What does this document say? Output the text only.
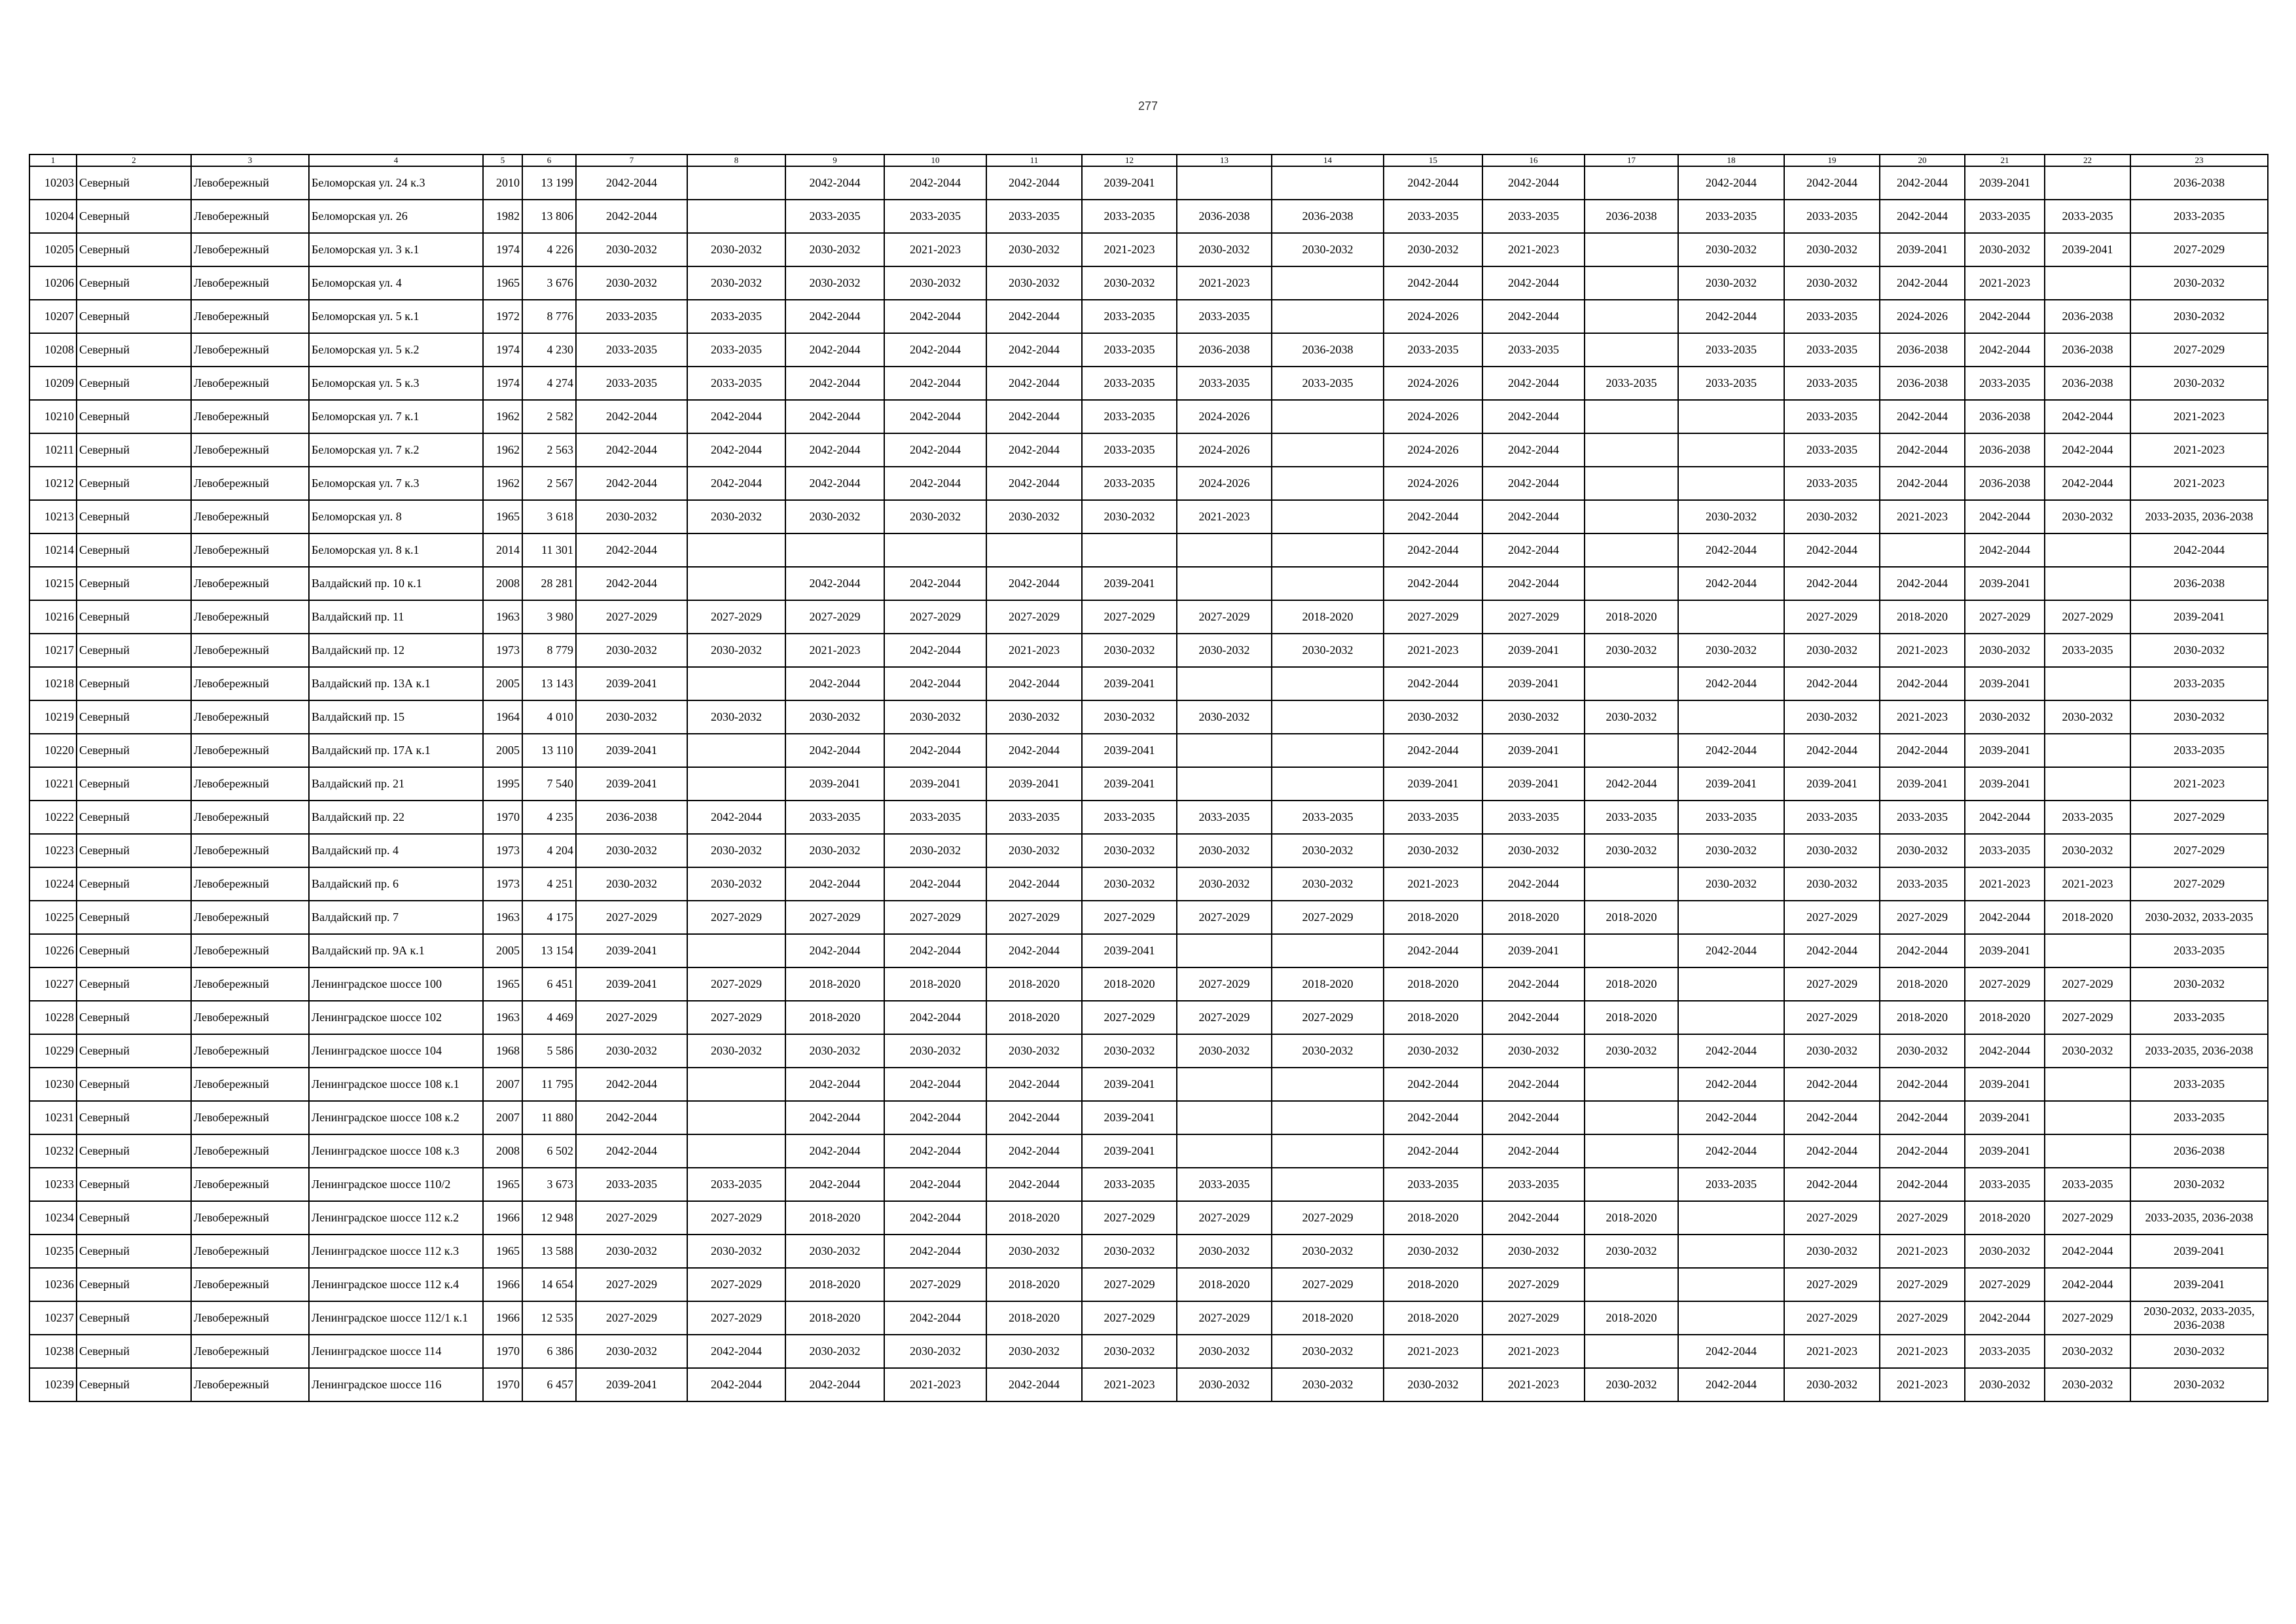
277
1	2	3	4	5	6	7	8	9	10	11	12	13	14	15	16	17	18	19	20	21	22	23
10203	Северный	Левобережный	Беломорская ул. 24 к.3	2010	13 199	2042-2044		2042-2044	2042-2044	2042-2044	2039-2041			2042-2044	2042-2044		2042-2044	2042-2044	2042-2044	2039-2041		2036-2038
10204	Северный	Левобережный	Беломорская ул. 26	1982	13 806	2042-2044		2033-2035	2033-2035	2033-2035	2033-2035	2036-2038	2036-2038	2033-2035	2033-2035	2036-2038	2033-2035	2033-2035	2042-2044	2033-2035	2033-2035	2033-2035
10205	Северный	Левобережный	Беломорская ул. 3 к.1	1974	4 226	2030-2032	2030-2032	2030-2032	2021-2023	2030-2032	2021-2023	2030-2032	2030-2032	2030-2032	2021-2023		2030-2032	2030-2032	2039-2041	2030-2032	2039-2041	2027-2029
10206	Северный	Левобережный	Беломорская ул. 4	1965	3 676	2030-2032	2030-2032	2030-2032	2030-2032	2030-2032	2030-2032	2021-2023		2042-2044	2042-2044		2030-2032	2030-2032	2042-2044	2021-2023		2030-2032
10207	Северный	Левобережный	Беломорская ул. 5 к.1	1972	8 776	2033-2035	2033-2035	2042-2044	2042-2044	2042-2044	2033-2035	2033-2035		2024-2026	2042-2044		2042-2044	2033-2035	2024-2026	2042-2044	2036-2038	2030-2032
10208	Северный	Левобережный	Беломорская ул. 5 к.2	1974	4 230	2033-2035	2033-2035	2042-2044	2042-2044	2042-2044	2033-2035	2036-2038	2036-2038	2033-2035	2033-2035		2033-2035	2033-2035	2036-2038	2042-2044	2036-2038	2027-2029
10209	Северный	Левобережный	Беломорская ул. 5 к.3	1974	4 274	2033-2035	2033-2035	2042-2044	2042-2044	2042-2044	2033-2035	2033-2035	2033-2035	2024-2026	2042-2044	2033-2035	2033-2035	2033-2035	2036-2038	2033-2035	2036-2038	2030-2032
10210	Северный	Левобережный	Беломорская ул. 7 к.1	1962	2 582	2042-2044	2042-2044	2042-2044	2042-2044	2042-2044	2033-2035	2024-2026		2024-2026	2042-2044			2033-2035	2042-2044	2036-2038	2042-2044	2021-2023
10211	Северный	Левобережный	Беломорская ул. 7 к.2	1962	2 563	2042-2044	2042-2044	2042-2044	2042-2044	2042-2044	2033-2035	2024-2026		2024-2026	2042-2044			2033-2035	2042-2044	2036-2038	2042-2044	2021-2023
10212	Северный	Левобережный	Беломорская ул. 7 к.3	1962	2 567	2042-2044	2042-2044	2042-2044	2042-2044	2042-2044	2033-2035	2024-2026		2024-2026	2042-2044			2033-2035	2042-2044	2036-2038	2042-2044	2021-2023
10213	Северный	Левобережный	Беломорская ул. 8	1965	3 618	2030-2032	2030-2032	2030-2032	2030-2032	2030-2032	2030-2032	2021-2023		2042-2044	2042-2044		2030-2032	2030-2032	2021-2023	2042-2044	2030-2032	2033-2035, 2036-2038
10214	Северный	Левобережный	Беломорская ул. 8 к.1	2014	11 301	2042-2044								2042-2044	2042-2044		2042-2044	2042-2044		2042-2044		2042-2044
10215	Северный	Левобережный	Валдайский пр. 10 к.1	2008	28 281	2042-2044		2042-2044	2042-2044	2042-2044	2039-2041			2042-2044	2042-2044		2042-2044	2042-2044	2042-2044	2039-2041		2036-2038
10216	Северный	Левобережный	Валдайский пр. 11	1963	3 980	2027-2029	2027-2029	2027-2029	2027-2029	2027-2029	2027-2029	2027-2029	2018-2020	2027-2029	2027-2029	2018-2020		2027-2029	2018-2020	2027-2029	2027-2029	2039-2041
10217	Северный	Левобережный	Валдайский пр. 12	1973	8 779	2030-2032	2030-2032	2021-2023	2042-2044	2021-2023	2030-2032	2030-2032	2030-2032	2021-2023	2039-2041	2030-2032	2030-2032	2030-2032	2021-2023	2030-2032	2033-2035	2030-2032
10218	Северный	Левобережный	Валдайский пр. 13А к.1	2005	13 143	2039-2041		2042-2044	2042-2044	2042-2044	2039-2041			2042-2044	2039-2041		2042-2044	2042-2044	2042-2044	2039-2041		2033-2035
10219	Северный	Левобережный	Валдайский пр. 15	1964	4 010	2030-2032	2030-2032	2030-2032	2030-2032	2030-2032	2030-2032	2030-2032		2030-2032	2030-2032	2030-2032		2030-2032	2021-2023	2030-2032	2030-2032	2030-2032
10220	Северный	Левобережный	Валдайский пр. 17А к.1	2005	13 110	2039-2041		2042-2044	2042-2044	2042-2044	2039-2041			2042-2044	2039-2041		2042-2044	2042-2044	2042-2044	2039-2041		2033-2035
10221	Северный	Левобережный	Валдайский пр. 21	1995	7 540	2039-2041		2039-2041	2039-2041	2039-2041	2039-2041			2039-2041	2039-2041	2042-2044	2039-2041	2039-2041	2039-2041	2039-2041		2021-2023
10222	Северный	Левобережный	Валдайский пр. 22	1970	4 235	2036-2038	2042-2044	2033-2035	2033-2035	2033-2035	2033-2035	2033-2035	2033-2035	2033-2035	2033-2035	2033-2035	2033-2035	2033-2035	2033-2035	2042-2044	2033-2035	2027-2029
10223	Северный	Левобережный	Валдайский пр. 4	1973	4 204	2030-2032	2030-2032	2030-2032	2030-2032	2030-2032	2030-2032	2030-2032	2030-2032	2030-2032	2030-2032	2030-2032	2030-2032	2030-2032	2030-2032	2033-2035	2030-2032	2027-2029
10224	Северный	Левобережный	Валдайский пр. 6	1973	4 251	2030-2032	2030-2032	2042-2044	2042-2044	2042-2044	2030-2032	2030-2032	2030-2032	2021-2023	2042-2044		2030-2032	2030-2032	2033-2035	2021-2023	2021-2023	2027-2029
10225	Северный	Левобережный	Валдайский пр. 7	1963	4 175	2027-2029	2027-2029	2027-2029	2027-2029	2027-2029	2027-2029	2027-2029	2027-2029	2018-2020	2018-2020	2018-2020		2027-2029	2027-2029	2042-2044	2018-2020	2030-2032, 2033-2035
10226	Северный	Левобережный	Валдайский пр. 9А к.1	2005	13 154	2039-2041		2042-2044	2042-2044	2042-2044	2039-2041			2042-2044	2039-2041		2042-2044	2042-2044	2042-2044	2039-2041		2033-2035
10227	Северный	Левобережный	Ленинградское шоссе 100	1965	6 451	2039-2041	2027-2029	2018-2020	2018-2020	2018-2020	2018-2020	2027-2029	2018-2020	2018-2020	2042-2044	2018-2020		2027-2029	2018-2020	2027-2029	2027-2029	2030-2032
10228	Северный	Левобережный	Ленинградское шоссе 102	1963	4 469	2027-2029	2027-2029	2018-2020	2042-2044	2018-2020	2027-2029	2027-2029	2027-2029	2018-2020	2042-2044	2018-2020		2027-2029	2018-2020	2018-2020	2027-2029	2033-2035
10229	Северный	Левобережный	Ленинградское шоссе 104	1968	5 586	2030-2032	2030-2032	2030-2032	2030-2032	2030-2032	2030-2032	2030-2032	2030-2032	2030-2032	2030-2032	2030-2032	2042-2044	2030-2032	2030-2032	2042-2044	2030-2032	2033-2035, 2036-2038
10230	Северный	Левобережный	Ленинградское шоссе 108 к.1	2007	11 795	2042-2044		2042-2044	2042-2044	2042-2044	2039-2041			2042-2044	2042-2044		2042-2044	2042-2044	2042-2044	2039-2041		2033-2035
10231	Северный	Левобережный	Ленинградское шоссе 108 к.2	2007	11 880	2042-2044		2042-2044	2042-2044	2042-2044	2039-2041			2042-2044	2042-2044		2042-2044	2042-2044	2042-2044	2039-2041		2033-2035
10232	Северный	Левобережный	Ленинградское шоссе 108 к.3	2008	6 502	2042-2044		2042-2044	2042-2044	2042-2044	2039-2041			2042-2044	2042-2044		2042-2044	2042-2044	2042-2044	2039-2041		2036-2038
10233	Северный	Левобережный	Ленинградское шоссе 110/2	1965	3 673	2033-2035	2033-2035	2042-2044	2042-2044	2042-2044	2033-2035	2033-2035		2033-2035	2033-2035		2033-2035	2042-2044	2042-2044	2033-2035	2033-2035	2030-2032
10234	Северный	Левобережный	Ленинградское шоссе 112 к.2	1966	12 948	2027-2029	2027-2029	2018-2020	2042-2044	2018-2020	2027-2029	2027-2029	2027-2029	2018-2020	2042-2044	2018-2020		2027-2029	2027-2029	2018-2020	2027-2029	2033-2035, 2036-2038
10235	Северный	Левобережный	Ленинградское шоссе 112 к.3	1965	13 588	2030-2032	2030-2032	2030-2032	2042-2044	2030-2032	2030-2032	2030-2032	2030-2032	2030-2032	2030-2032	2030-2032		2030-2032	2021-2023	2030-2032	2042-2044	2039-2041
10236	Северный	Левобережный	Ленинградское шоссе 112 к.4	1966	14 654	2027-2029	2027-2029	2018-2020	2027-2029	2018-2020	2027-2029	2018-2020	2027-2029	2018-2020	2027-2029			2027-2029	2027-2029	2027-2029	2042-2044	2039-2041
10237	Северный	Левобережный	Ленинградское шоссе 112/1 к.1	1966	12 535	2027-2029	2027-2029	2018-2020	2042-2044	2018-2020	2027-2029	2027-2029	2018-2020	2018-2020	2027-2029	2018-2020		2027-2029	2027-2029	2042-2044	2027-2029	2030-2032, 2033-2035, 2036-2038
10238	Северный	Левобережный	Ленинградское шоссе 114	1970	6 386	2030-2032	2042-2044	2030-2032	2030-2032	2030-2032	2030-2032	2030-2032	2030-2032	2021-2023	2021-2023		2042-2044	2021-2023	2021-2023	2033-2035	2030-2032	2030-2032
10239	Северный	Левобережный	Ленинградское шоссе 116	1970	6 457	2039-2041	2042-2044	2042-2044	2021-2023	2042-2044	2021-2023	2030-2032	2030-2032	2030-2032	2021-2023	2030-2032	2042-2044	2030-2032	2021-2023	2030-2032	2030-2032	2030-2032
